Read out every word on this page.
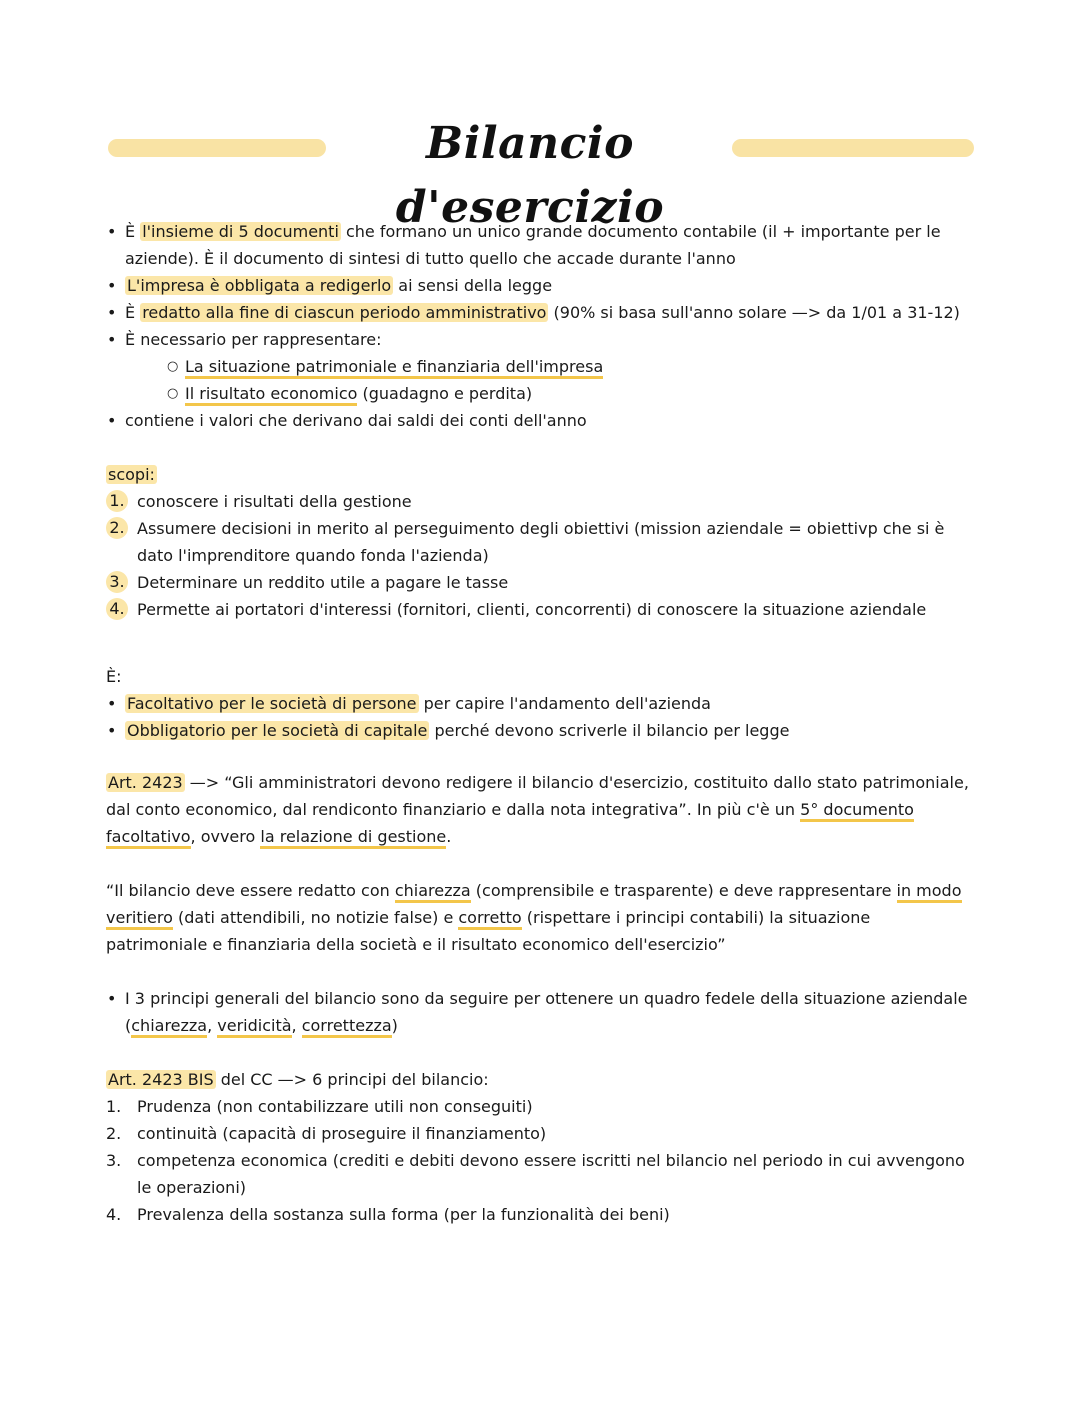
Bilancio d'esercizio
• È l'insieme di 5 documenti che formano un unico grande documento contabile (il + importante per le aziende). È il documento di sintesi di tutto quello che accade durante l'anno
• L'impresa è obbligata a redigerlo ai sensi della legge
• È redatto alla fine di ciascun periodo amministrativo (90% si basa sull'anno solare —> da 1/01 a 31-12)
• È necessario per rappresentare:
○ La situazione patrimoniale e finanziaria dell'impresa
○ Il risultato economico (guadagno e perdita)
• contiene i valori che derivano dai saldi dei conti dell'anno

scopi:

1. conoscere i risultati della gestione
2. Assumere decisioni in merito al perseguimento degli obiettivi (mission aziendale = obiettivp che si è dato l'imprenditore quando fonda l'azienda)
3. Determinare un reddito utile a pagare le tasse
4. Permette ai portatori d'interessi (fornitori, clienti, concorrenti) di conoscere la situazione aziendale

È:

• Facoltativo per le società di persone per capire l'andamento dell'azienda
• Obbligatorio per le società di capitale perché devono scriverle il bilancio per legge

Art. 2423 —> “Gli amministratori devono redigere il bilancio d'esercizio, costituito dallo stato patrimoniale, dal conto economico, dal rendiconto finanziario e dalla nota integrativa”. In più c'è un 5° documento facoltativo, ovvero la relazione di gestione.

“Il bilancio deve essere redatto con chiarezza (comprensibile e trasparente) e deve rappresentare in modo veritiero (dati attendibili, no notizie false) e corretto (rispettare i principi contabili) la situazione patrimoniale e finanziaria della società e il risultato economico dell'esercizio”

• I 3 principi generali del bilancio sono da seguire per ottenere un quadro fedele della situazione aziendale (chiarezza, veridicità, correttezza)

Art. 2423 BIS del CC —> 6 principi del bilancio:

1. Prudenza (non contabilizzare utili non conseguiti)
2. continuità (capacità di proseguire il finanziamento)
3. competenza economica (crediti e debiti devono essere iscritti nel bilancio nel periodo in cui avvengono le operazioni)
4. Prevalenza della sostanza sulla forma (per la funzionalità dei beni)
